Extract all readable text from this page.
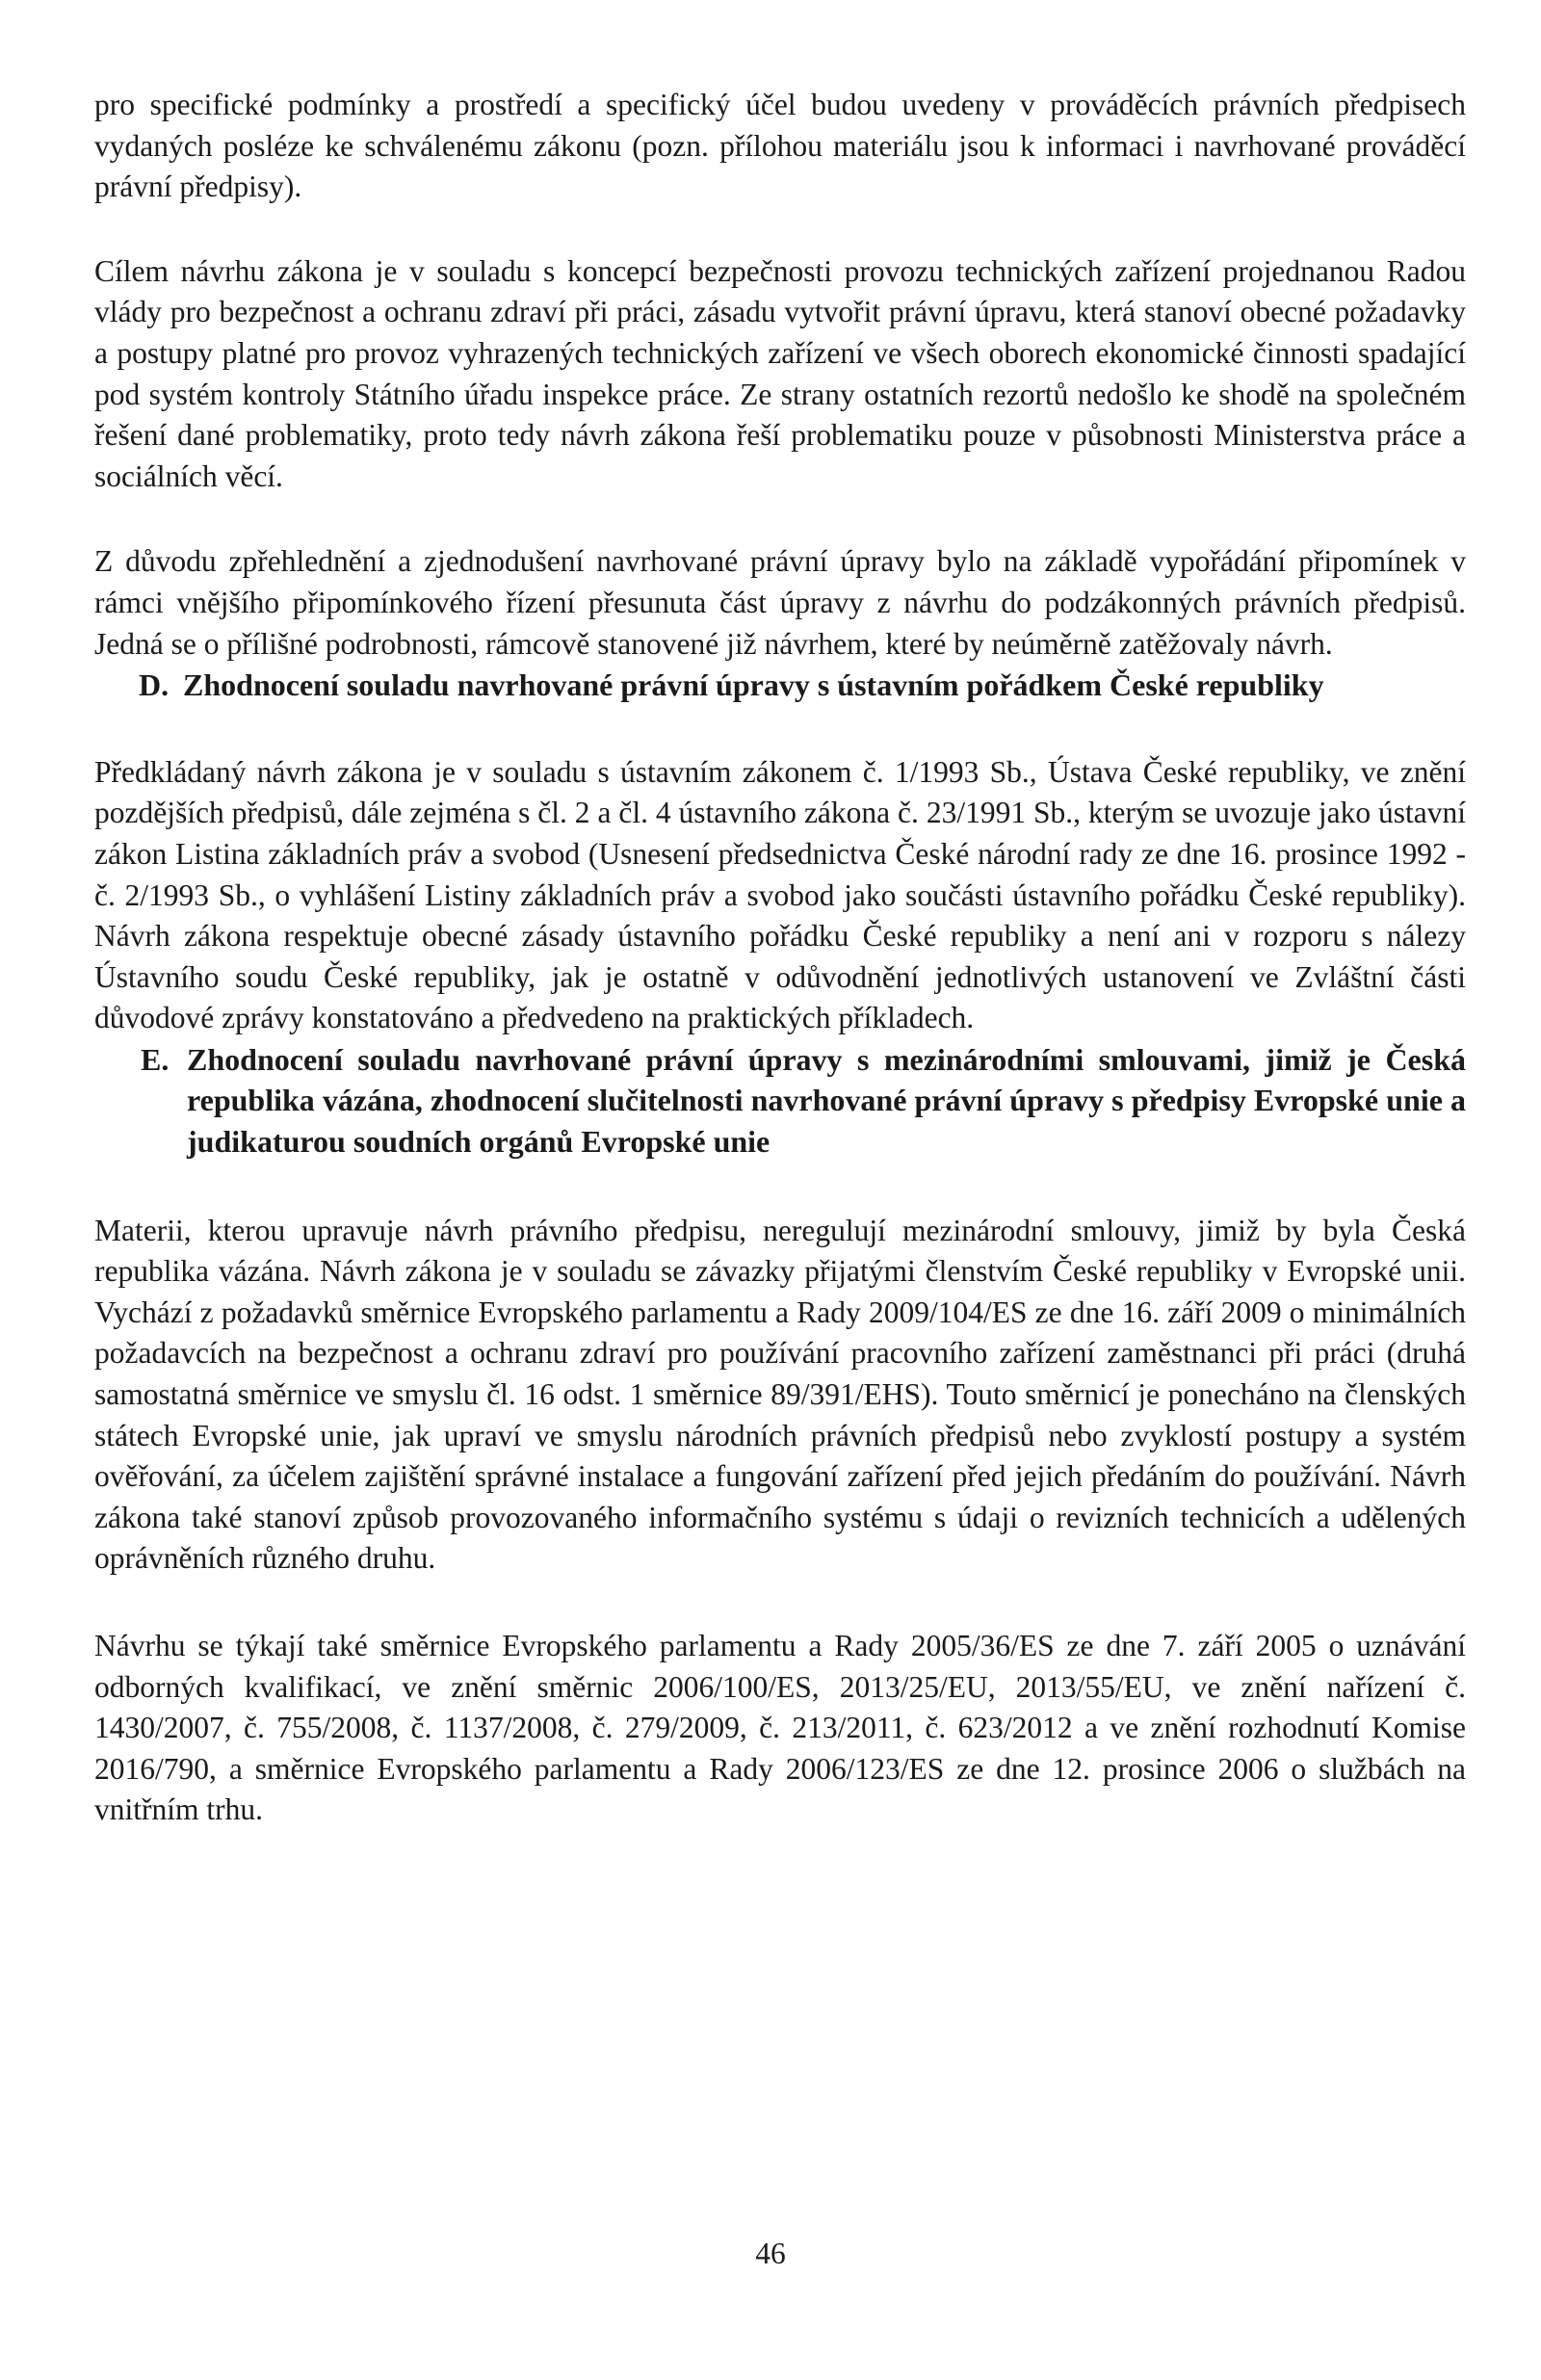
pro specifické podmínky a prostředí a specifický účel budou uvedeny v prováděcích právních předpisech vydaných posléze ke schválenému zákonu (pozn. přílohou materiálu jsou k informaci i navrhované prováděcí právní předpisy).

Cílem návrhu zákona je v souladu s koncepcí bezpečnosti provozu technických zařízení projednanou Radou vlády pro bezpečnost a ochranu zdraví při práci, zásadu vytvořit právní úpravu, která stanoví obecné požadavky a postupy platné pro provoz vyhrazených technických zařízení ve všech oborech ekonomické činnosti spadající pod systém kontroly Státního úřadu inspekce práce. Ze strany ostatních rezortů nedošlo ke shodě na společném řešení dané problematiky, proto tedy návrh zákona řeší problematiku pouze v působnosti Ministerstva práce a sociálních věcí.

Z důvodu zpřehlednění a zjednodušení navrhované právní úpravy bylo na základě vypořádání připomínek v rámci vnějšího připomínkového řízení přesunuta část úpravy z návrhu do podzákonných právních předpisů. Jedná se o přílišné podrobnosti, rámcově stanovené již návrhem, které by neúměrně zatěžovaly návrh.

D. Zhodnocení souladu navrhované právní úpravy s ústavním pořádkem České republiky

Předkládaný návrh zákona je v souladu s ústavním zákonem č. 1/1993 Sb., Ústava České republiky, ve znění pozdějších předpisů, dále zejména s čl. 2 a čl. 4 ústavního zákona č. 23/1991 Sb., kterým se uvozuje jako ústavní zákon Listina základních práv a svobod (Usnesení předsednictva České národní rady ze dne 16. prosince 1992 - č. 2/1993 Sb., o vyhlášení Listiny základních práv a svobod jako součásti ústavního pořádku České republiky). Návrh zákona respektuje obecné zásady ústavního pořádku České republiky a není ani v rozporu s nálezy Ústavního soudu České republiky, jak je ostatně v odůvodnění jednotlivých ustanovení ve Zvláštní části důvodové zprávy konstatováno a předvedeno na praktických příkladech.

E. Zhodnocení souladu navrhované právní úpravy s mezinárodními smlouvami, jimiž je Česká republika vázána, zhodnocení slučitelnosti navrhované právní úpravy s předpisy Evropské unie a judikaturou soudních orgánů Evropské unie

Materii, kterou upravuje návrh právního předpisu, neregulují mezinárodní smlouvy, jimiž by byla Česká republika vázána. Návrh zákona je v souladu se závazky přijatými členstvím České republiky v Evropské unii. Vychází z požadavků směrnice Evropského parlamentu a Rady 2009/104/ES ze dne 16. září 2009 o minimálních požadavcích na bezpečnost a ochranu zdraví pro používání pracovního zařízení zaměstnanci při práci (druhá samostatná směrnice ve smyslu čl. 16 odst. 1 směrnice 89/391/EHS). Touto směrnicí je ponecháno na členských státech Evropské unie, jak upraví ve smyslu národních právních předpisů nebo zvyklostí postupy a systém ověřování, za účelem zajištění správné instalace a fungování zařízení před jejich předáním do používání. Návrh zákona také stanoví způsob provozovaného informačního systému s údaji o revizních technicích a udělených oprávněních různého druhu.

Návrhu se týkají také směrnice Evropského parlamentu a Rady 2005/36/ES ze dne 7. září 2005 o uznávání odborných kvalifikací, ve znění směrnic 2006/100/ES, 2013/25/EU, 2013/55/EU, ve znění nařízení č. 1430/2007, č. 755/2008, č. 1137/2008, č. 279/2009, č. 213/2011, č. 623/2012 a ve znění rozhodnutí Komise 2016/790, a směrnice Evropského parlamentu a Rady 2006/123/ES ze dne 12. prosince 2006 o službách na vnitřním trhu.

46
